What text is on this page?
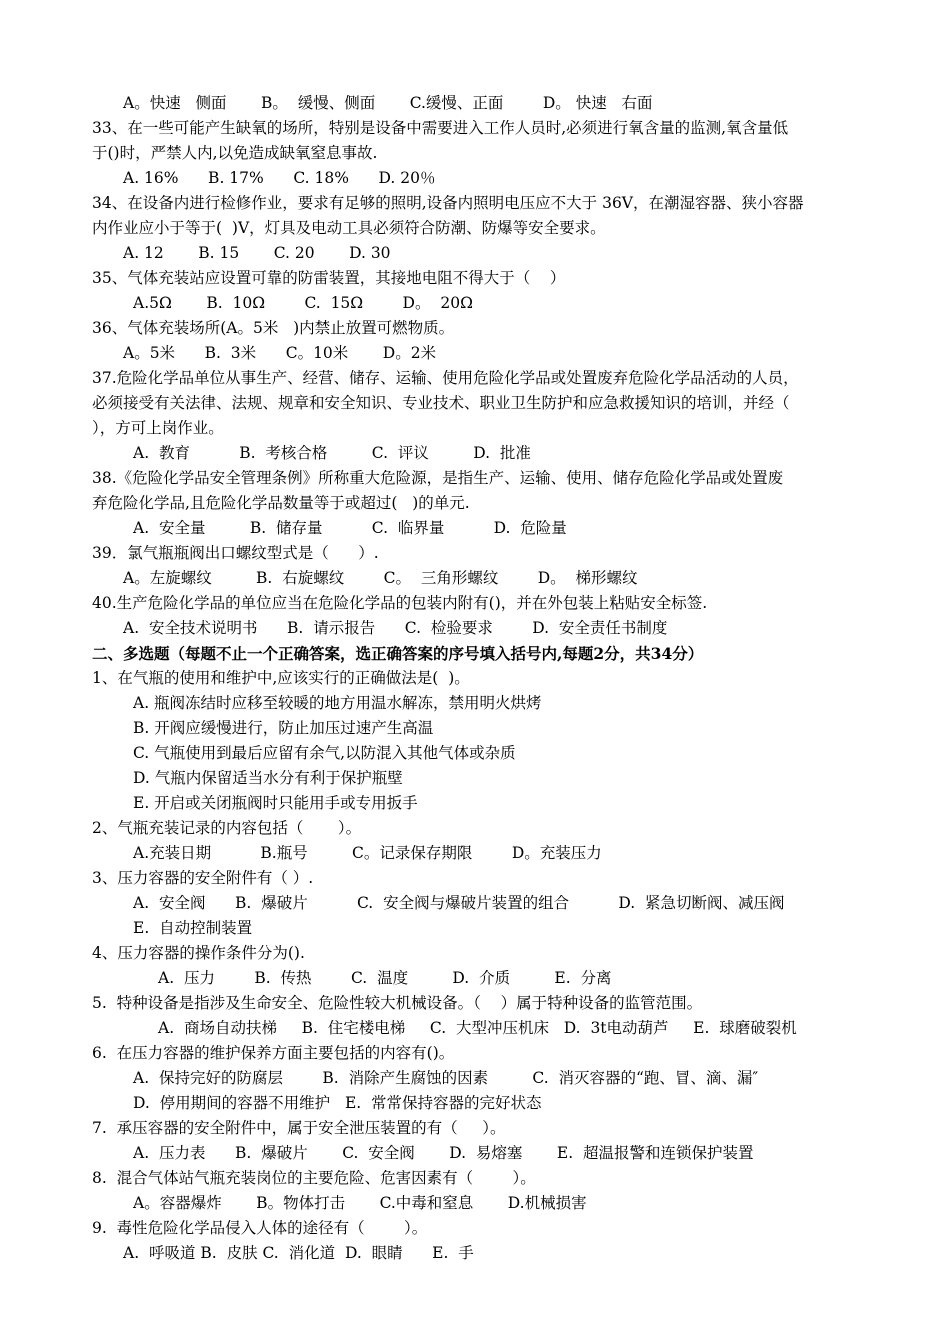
A。快速   侧面       B。  缓慢、侧面       C.缓慢、正面        D。 快速   右面
33、在一些可能产生缺氧的场所，特别是设备中需要进入工作人员时,必须进行氧含量的监测,氧含量低
于()时，严禁人内,以免造成缺氧窒息事故.
A. 16%      B. 17%      C. 18%      D. 20％
34、在设备内进行检修作业，要求有足够的照明,设备内照明电压应不大于 36V，在潮湿容器、狭小容器
内作业应小于等于(  )V，灯具及电动工具必须符合防潮、防爆等安全要求。
A. 12       B. 15       C. 20       D. 30
35、气体充装站应设置可靠的防雷装置，其接地电阻不得大于（    ）
A.5Ω       B.  10Ω        C.  15Ω        D。  20Ω
36、气体充装场所(A。5米   )内禁止放置可燃物质。
A。5米      B.  3米      C。10米       D。2米
37.危险化学品单位从事生产、经营、储存、运输、使用危险化学品或处置废弃危险化学品活动的人员，
必须接受有关法律、法规、规章和安全知识、专业技术、职业卫生防护和应急救援知识的培训，并经（
），方可上岗作业。
A.  教育          B.  考核合格         C.  评议         D.  批准
38.《危险化学品安全管理条例》所称重大危险源，是指生产、运输、使用、储存危险化学品或处置废
弃危险化学品,且危险化学品数量等于或超过(   )的单元.
A.  安全量         B.  储存量          C.  临界量          D.  危险量
39．氯气瓶瓶阀出口螺纹型式是（      ）.
A。左旋螺纹         B.  右旋螺纹        C。  三角形螺纹        D。  梯形螺纹
40.生产危险化学品的单位应当在危险化学品的包装内附有()，并在外包装上粘贴安全标签.
A.  安全技术说明书      B.  请示报告      C.  检验要求        D.  安全责任书制度
二、多选题（每题不止一个正确答案，选正确答案的序号填入括号内,每题2分，共34分）
1、在气瓶的使用和维护中,应该实行的正确做法是(  )。
A. 瓶阀冻结时应移至较暖的地方用温水解冻，禁用明火烘烤
B. 开阀应缓慢进行，防止加压过速产生高温
C. 气瓶使用到最后应留有余气,以防混入其他气体或杂质
D. 气瓶内保留适当水分有利于保护瓶壁
E. 开启或关闭瓶阀时只能用手或专用扳手
2、气瓶充装记录的内容包括（       ）。
A.充装日期          B.瓶号         C。记录保存期限        D。充装压力
3、压力容器的安全附件有（ ）.
A.  安全阀      B.  爆破片          C.  安全阀与爆破片装置的组合          D.  紧急切断阀、减压阀
E.  自动控制装置
4、压力容器的操作条件分为().
A.  压力        B.  传热        C.  温度         D.  介质         E.  分离
5.  特种设备是指涉及生命安全、危险性较大机械设备。（    ）属于特种设备的监管范围。
A.  商场自动扶梯     B.  住宅楼电梯     C.  大型冲压机床   D.  3t电动葫芦     E.  球磨破裂机
6.  在压力容器的维护保养方面主要包括的内容有()。
A.  保持完好的防腐层        B.  消除产生腐蚀的因素         C.  消灭容器的“跑、冒、滴、漏″
D.  停用期间的容器不用维护   E.  常常保持容器的完好状态
7.  承压容器的安全附件中，属于安全泄压装置的有（     ）。
A.  压力表      B.  爆破片       C.  安全阀       D.  易熔塞       E.  超温报警和连锁保护装置
8.  混合气体站气瓶充装岗位的主要危险、危害因素有（        ）。
A。容器爆炸       B。物体打击       C.中毒和窒息       D.机械损害
9.  毒性危险化学品侵入人体的途径有（        ）。
A.  呼吸道 B.  皮肤 C.  消化道  D.  眼睛      E.  手
